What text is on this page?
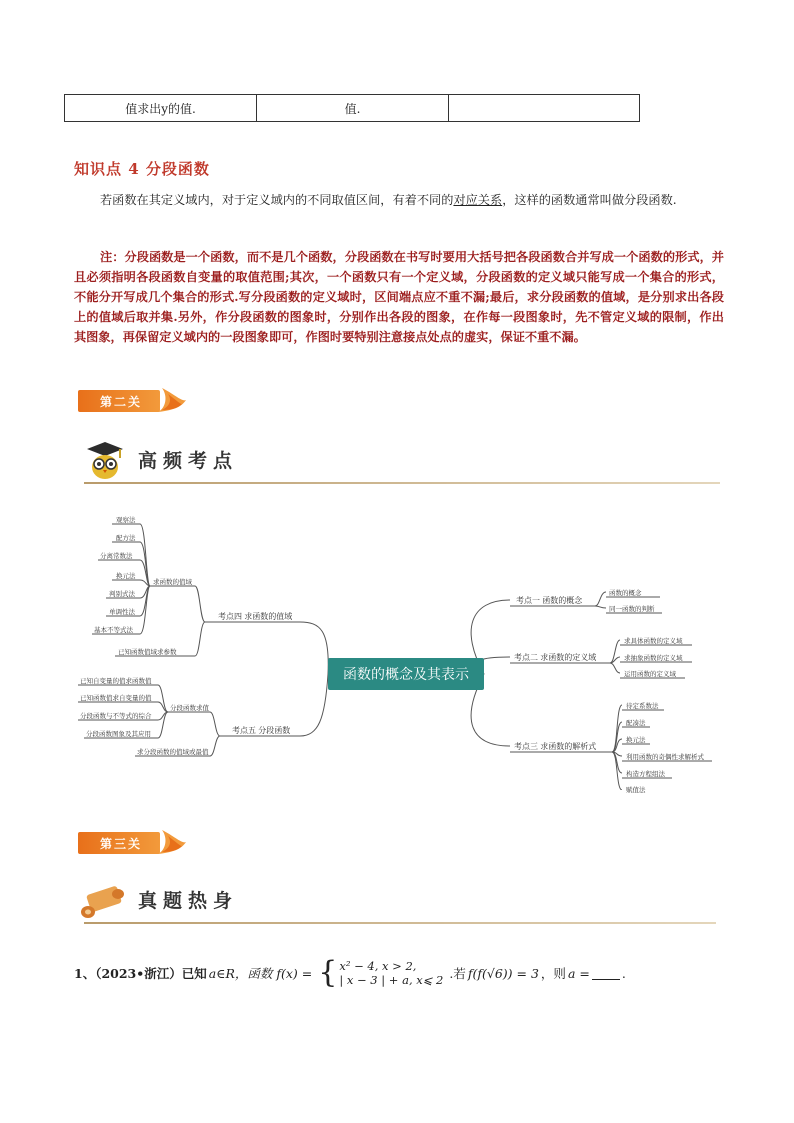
值求出y的值.	值.
知识点 4 分段函数
若函数在其定义域内，对于定义域内的不同取值区间，有着不同的对应关系，这样的函数通常叫做分段函数.
注：分段函数是一个函数，而不是几个函数，分段函数在书写时要用大括号把各段函数合并写成一个函数的形式，并且必须指明各段函数自变量的取值范围;其次，一个函数只有一个定义域，分段函数的定义域只能写成一个集合的形式，不能分开写成几个集合的形式.写分段函数的定义域时，区间端点应不重不漏;最后，求分段函数的值域，是分别求出各段上的值域后取并集.另外，作分段函数的图象时，分别作出各段的图象，在作每一段图象时，先不管定义域的限制，作出其图象，再保留定义域内的一段图象即可，作图时要特别注意接点处点的虚实，保证不重不漏。
第二关
高频考点
函数的概念及其表示
考点一 函数的概念
函数的概念
同一函数的判断
考点二 求函数的定义域
求具体函数的定义域
求抽象函数的定义域
运用函数的定义域
考点三 求函数的解析式
待定系数法
配凑法
换元法
利用函数的奇偶性求解析式
构造方程组法
赋值法
考点四 求函数的值域
求函数的值域
观察法
配方法
分离常数法
换元法
判别式法
单调性法
基本不等式法
已知函数值域求参数
考点五 分段函数
分段函数求值
已知自变量的值求函数值
已知函数值求自变量的值
分段函数与不等式的综合
分段函数图象及其应用
求分段函数的值域或最值
第三关
真题热身
1、（2023•浙江）已知 a∈R，函数 f(x) = { x² − 4, x > 2,
| x − 3 | + a, x⩽ 2 .若 f(f(√6)) = 3 ，则 a =	.
